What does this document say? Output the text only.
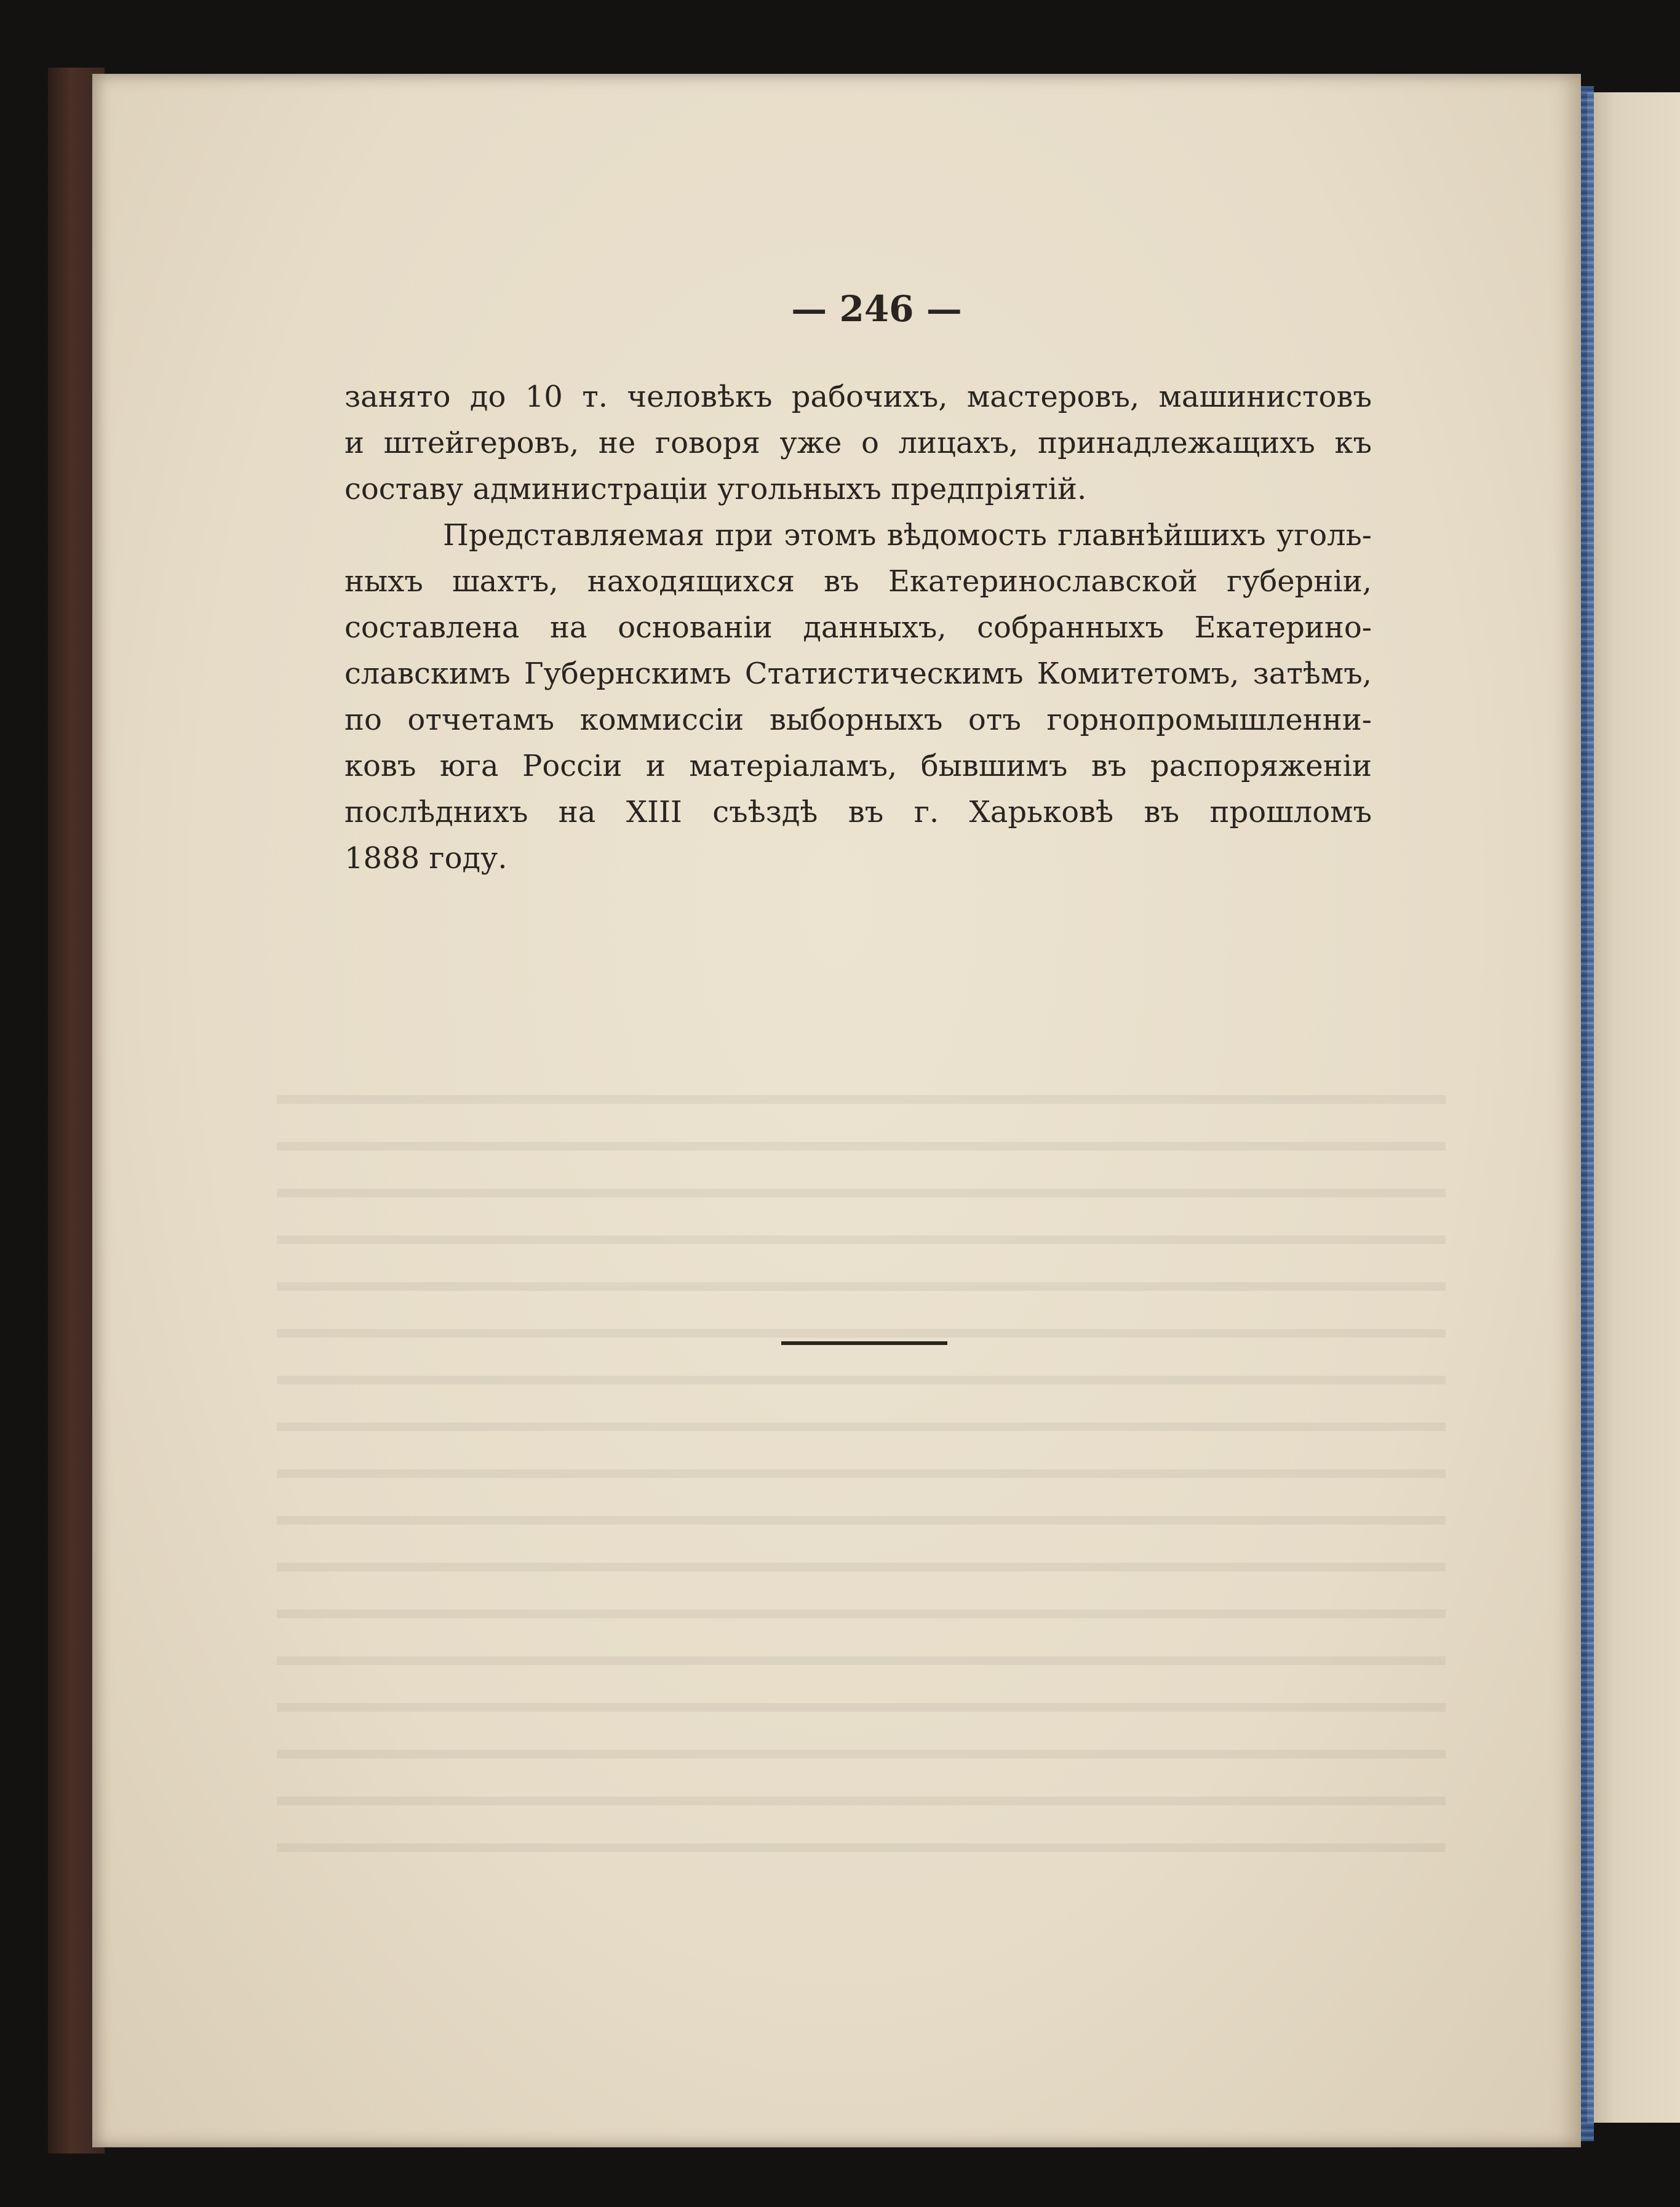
— 246 —
занято до 10 т. человѣкъ рабочихъ, мастеровъ, машинистовъ
и штейгеровъ, не говоря уже о лицахъ, принадлежащихъ къ
составу администраціи угольныхъ предпріятій.
Представляемая при этомъ вѣдомость главнѣйшихъ уголь-
ныхъ шахтъ, находящихся въ Екатеринославской губерніи,
составлена на основаніи данныхъ, собранныхъ Екатерино-
славскимъ Губернскимъ Статистическимъ Комитетомъ, затѣмъ,
по отчетамъ коммиссіи выборныхъ отъ горнопромышленни-
ковъ юга Россіи и матеріаламъ, бывшимъ въ распоряженіи
послѣднихъ на XIII съѣздѣ въ г. Харьковѣ въ прошломъ
1888 году.
